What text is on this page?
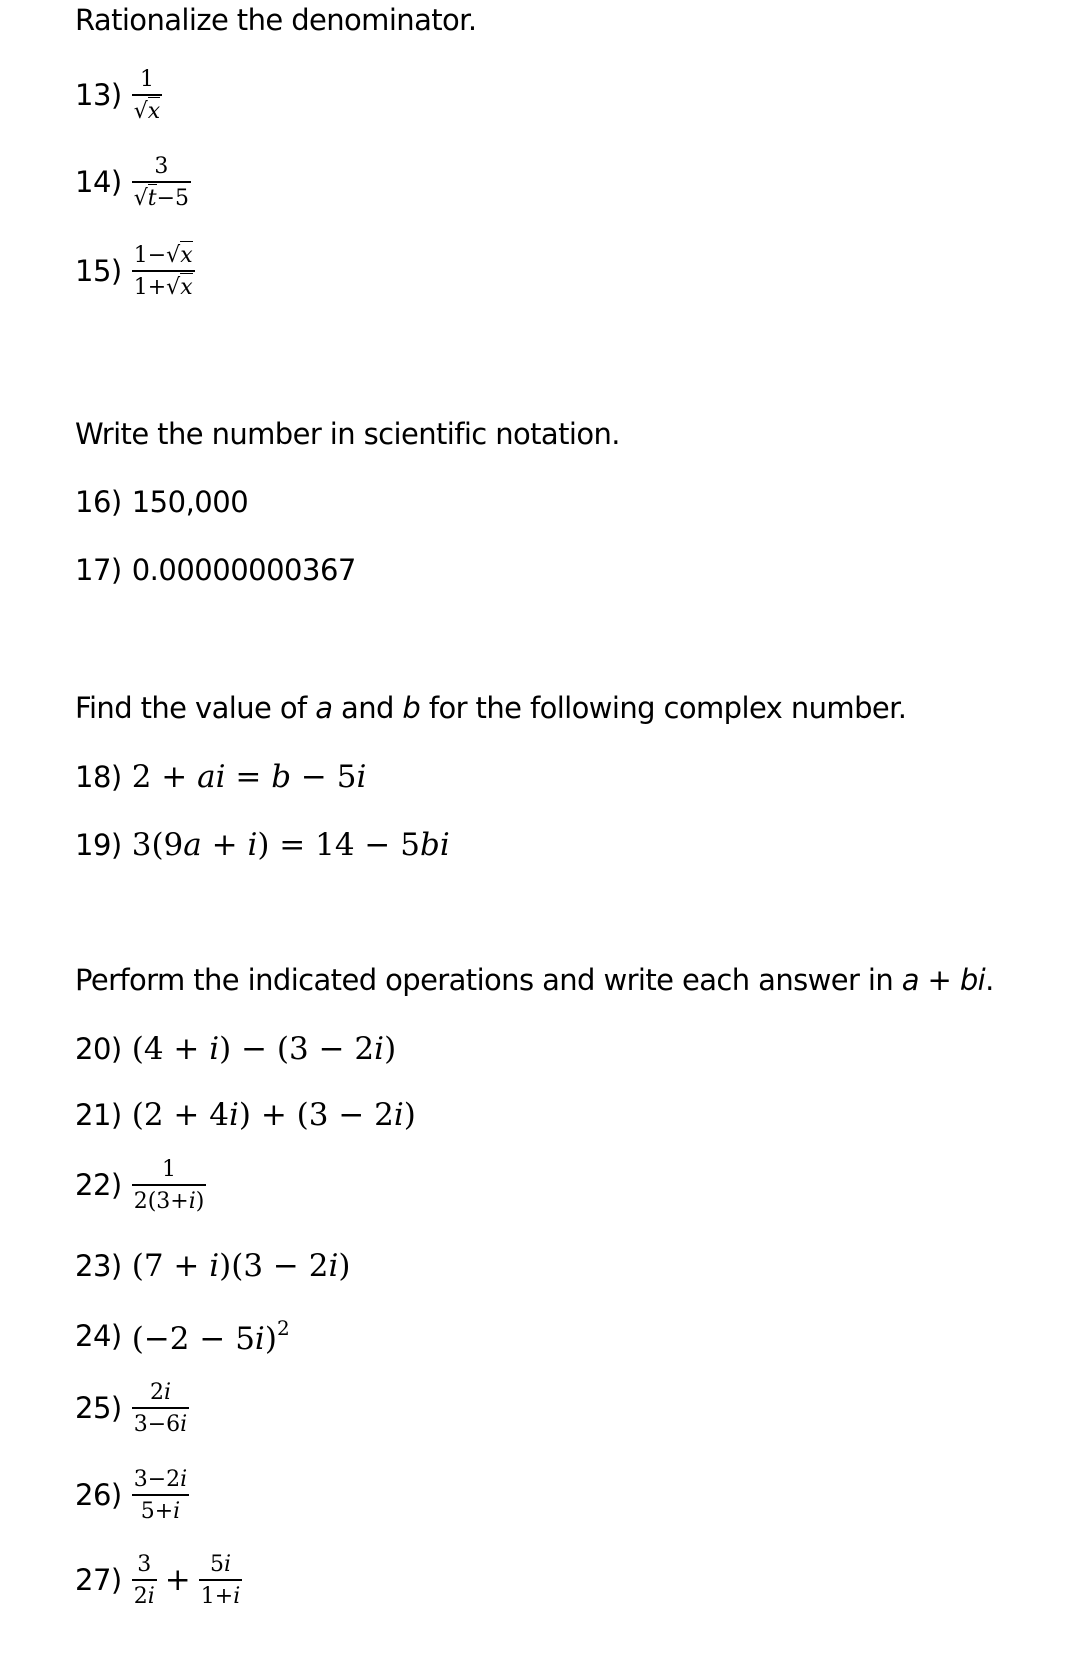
Rationalize the denominator.
$13) \frac{1}{√x}$
$14) \frac{3}{√t-5}$
$15) \frac{1-√x}{1+√x}$
Write the number in scientific notation.
16) 150,000
17) 0.00000000367
Find the value of a and b for the following complex number.
18) 2 + ai = b − 5i
19) 3(9a + i) = 14 − 5bi
Perform the indicated operations and write each answer in a + bi.
20) (4 + i) − (3 − 2i)
21) (2 + 4i) + (3 − 2i)
$22) \frac{1}{2(3+i)}$
23) (7 + i)(3 − 2i)
24) $(-2 - 5i)^2$
$25) \frac{2i}{3-6i}$
$26) \frac{3-2i}{5+i}$
$27) \frac{3}{2i} + \frac{5i}{1+i}$
